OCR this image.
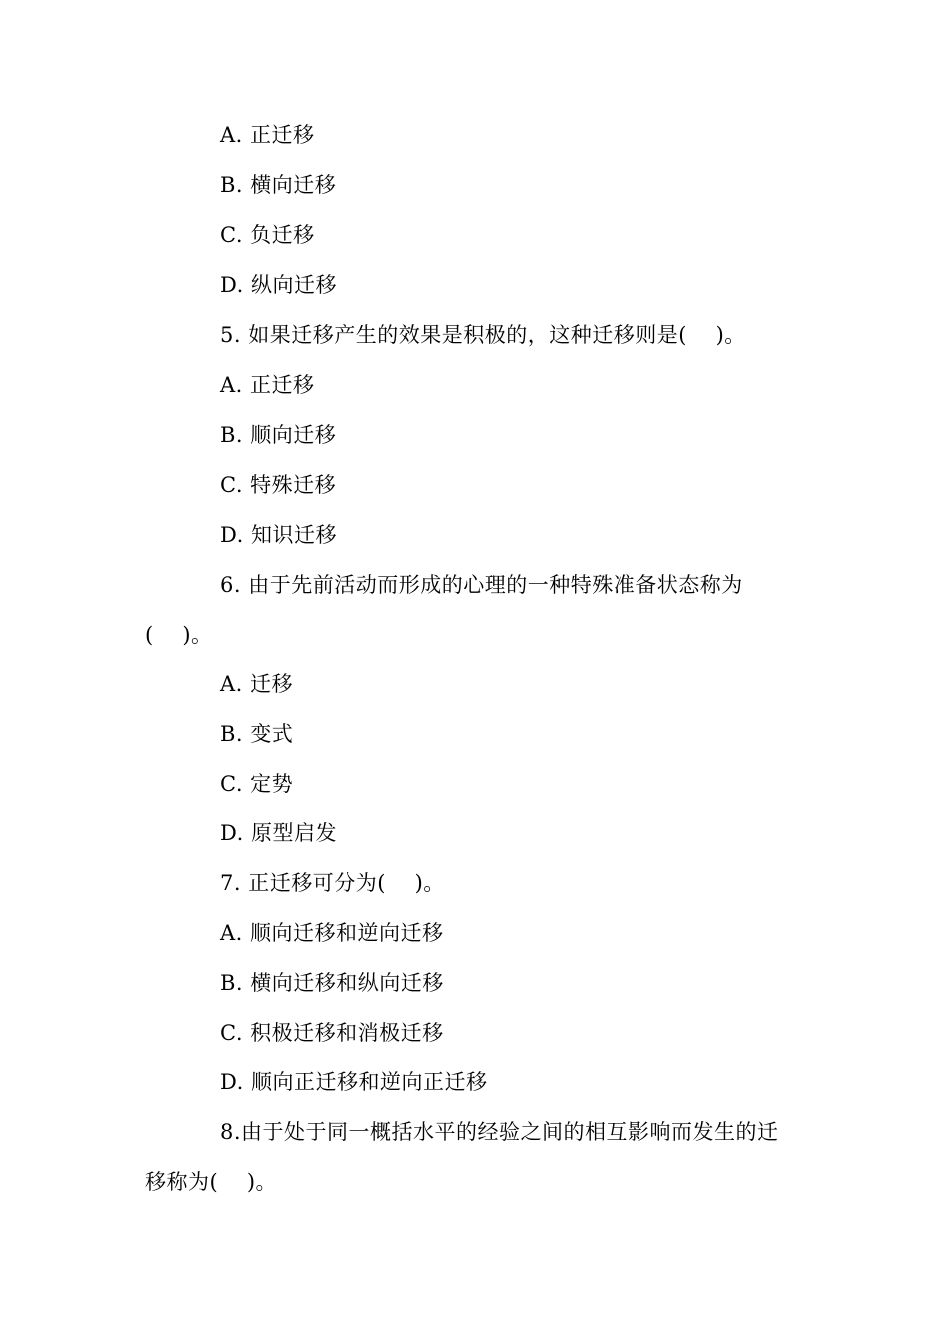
A. 正迁移
B. 横向迁移
C. 负迁移
D. 纵向迁移
5. 如果迁移产生的效果是积极的，这种迁移则是(　 )。
A. 正迁移
B. 顺向迁移
C. 特殊迁移
D. 知识迁移
6. 由于先前活动而形成的心理的一种特殊准备状态称为
(　 )。
A. 迁移
B. 变式
C. 定势
D. 原型启发
7. 正迁移可分为(　 )。
A. 顺向迁移和逆向迁移
B. 横向迁移和纵向迁移
C. 积极迁移和消极迁移
D. 顺向正迁移和逆向正迁移
8.由于处于同一概括水平的经验之间的相互影响而发生的迁
移称为(　 )。
